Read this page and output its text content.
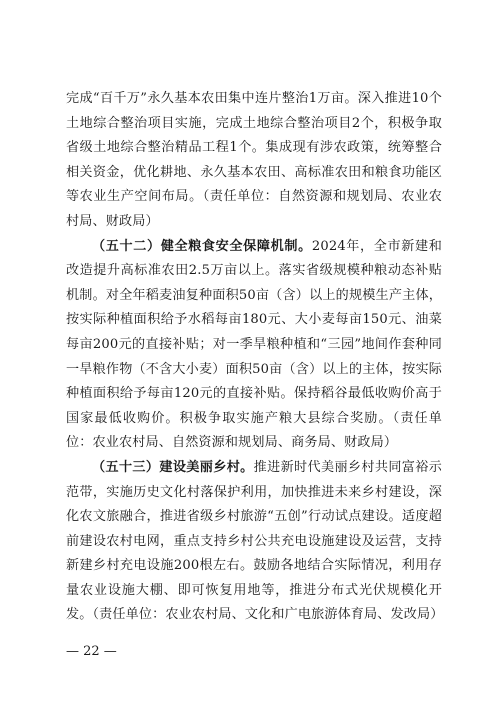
完成“百千万”永久基本农田集中连片整治1万亩。深入推进10个土地综合整治项目实施，完成土地综合整治项目2个，积极争取省级土地综合整治精品工程1个。集成现有涉农政策，统筹整合相关资金，优化耕地、永久基本农田、高标准农田和粮食功能区等农业生产空间布局。（责任单位：自然资源和规划局、农业农村局、财政局）

（五十二）健全粮食安全保障机制。2024年，全市新建和改造提升高标准农田2.5万亩以上。落实省级规模种粮动态补贴机制。对全年稻麦油复种面积50亩（含）以上的规模生产主体，按实际种植面积给予水稻每亩180元、大小麦每亩150元、油菜每亩200元的直接补贴；对一季旱粮种植和“三园”地间作套种同一旱粮作物（不含大小麦）面积50亩（含）以上的主体，按实际种植面积给予每亩120元的直接补贴。保持稻谷最低收购价高于国家最低收购价。积极争取实施产粮大县综合奖励。（责任单位：农业农村局、自然资源和规划局、商务局、财政局）

（五十三）建设美丽乡村。推进新时代美丽乡村共同富裕示范带，实施历史文化村落保护利用，加快推进未来乡村建设，深化农文旅融合，推进省级乡村旅游“五创”行动试点建设。适度超前建设农村电网，重点支持乡村公共充电设施建设及运营，支持新建乡村充电设施200根左右。鼓励各地结合实际情况，利用存量农业设施大棚、即可恢复用地等，推进分布式光伏规模化开发。（责任单位：农业农村局、文化和广电旅游体育局、发改局）

— 22 —
